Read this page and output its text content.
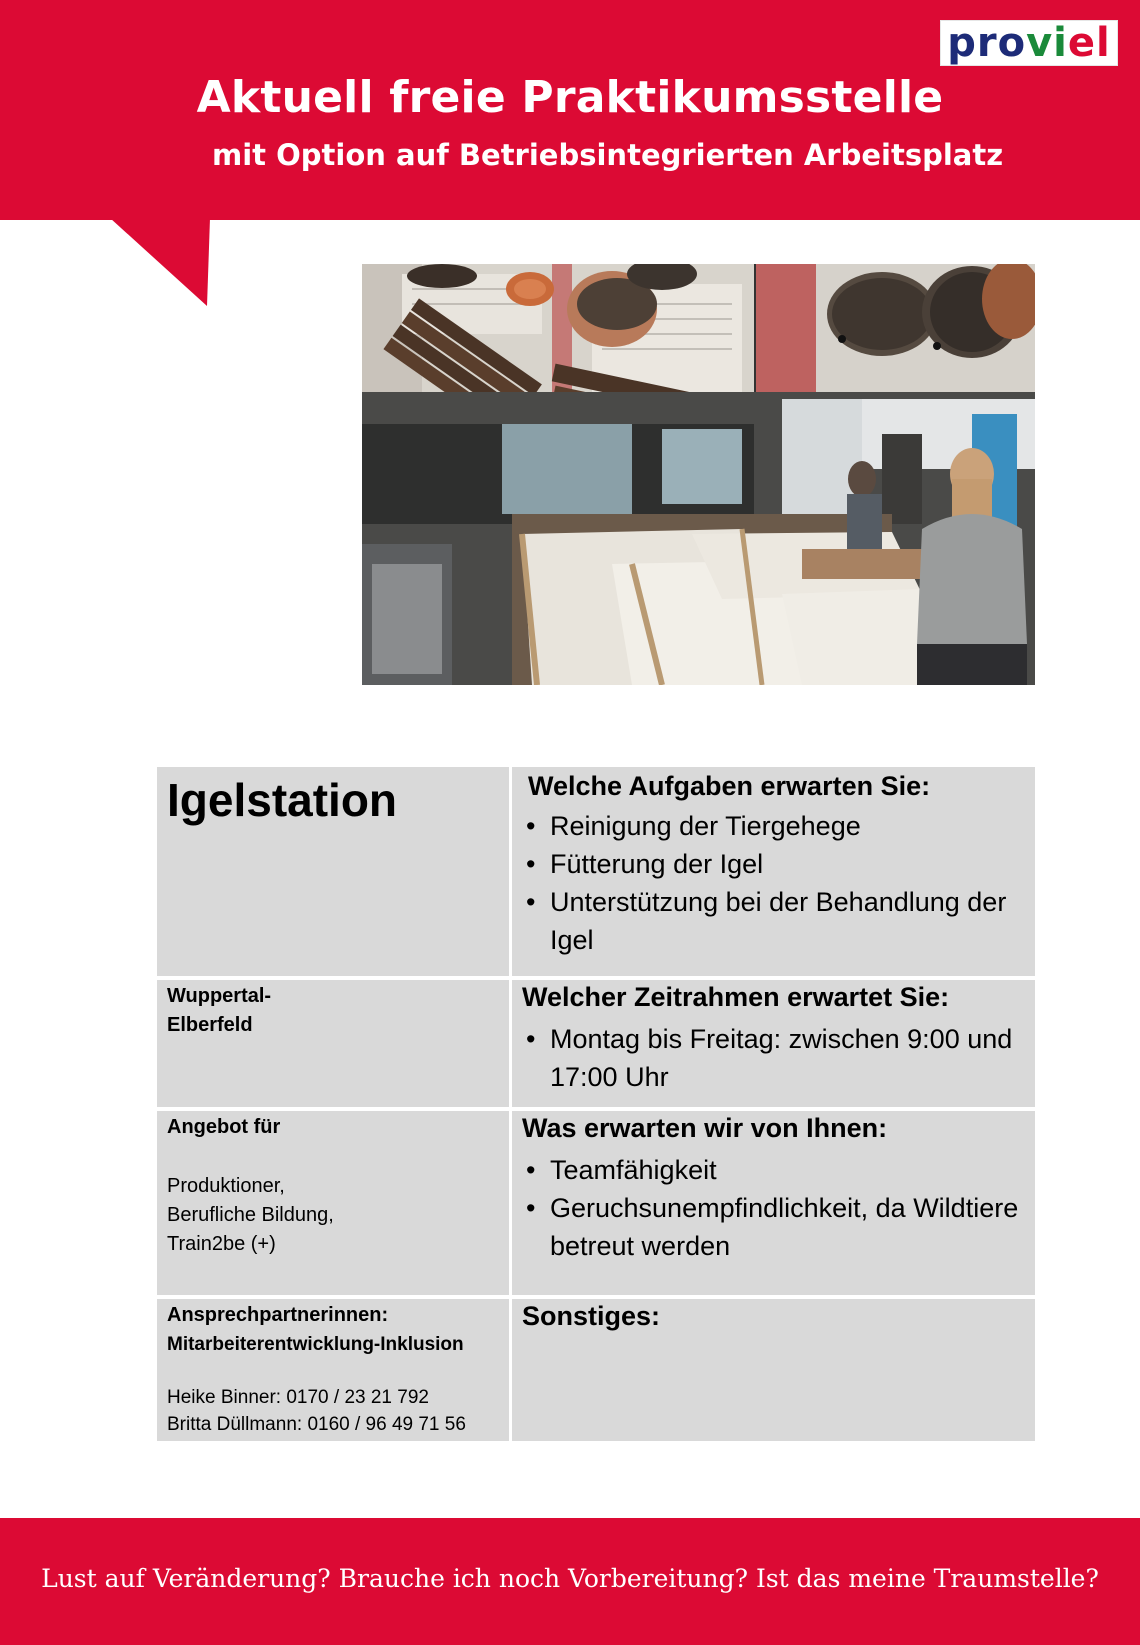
Aktuell freie Praktikumsstelle
mit Option auf Betriebsintegrierten Arbeitsplatz
pro vi el
Igelstation	Welche Aufgaben erwarten Sie:
• Reinigung der Tiergehege
• Fütterung der Igel
• Unterstützung bei der Behandlung der Igel
Wuppertal-
Elberfeld
Welcher Zeitrahmen erwartet Sie:
• Montag bis Freitag: zwischen 9:00 und 17:00 Uhr
Angebot für
Produktioner,
Berufliche Bildung,
Train2be (+)
Was erwarten wir von Ihnen:
• Teamfähigkeit
• Geruchsunempfindlichkeit, da Wildtiere betreut werden
Ansprechpartnerinnen:
Mitarbeiterentwicklung-Inklusion
Heike Binner: 0170 / 23 21 792
Britta Düllmann: 0160 / 96 49 71 56
Sonstiges:
Lust auf Veränderung? Brauche ich noch Vorbereitung? Ist das meine Traumstelle?
